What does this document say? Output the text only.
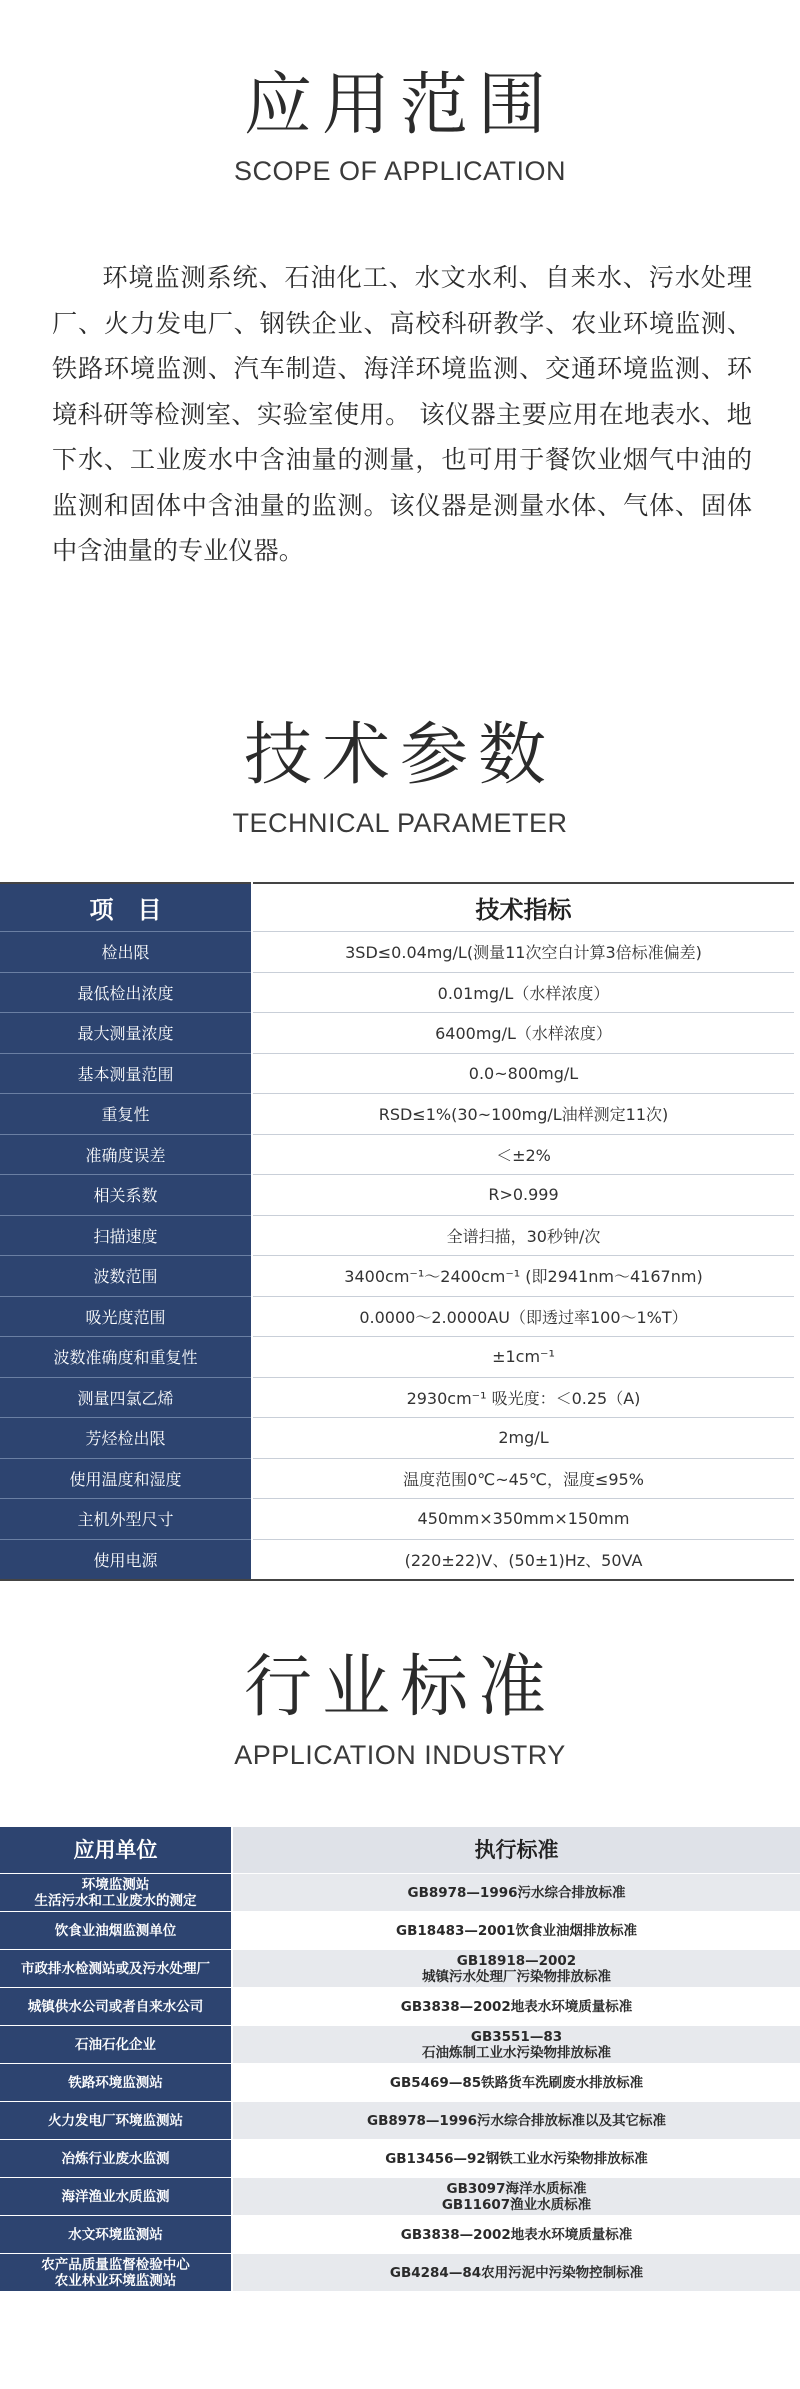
应用范围
SCOPE OF APPLICATION

环境监测系统、石油化工、水文水利、自来水、污水处理厂、火力发电厂、钢铁企业、高校科研教学、农业环境监测、铁路环境监测、汽车制造、海洋环境监测、交通环境监测、环境科研等检测室、实验室使用。 该仪器主要应用在地表水、地下水、工业废水中含油量的测量，也可用于餐饮业烟气中油的监测和固体中含油量的监测。该仪器是测量水体、气体、固体中含油量的专业仪器。

技术参数
TECHNICAL PARAMETER
项　目	技术指标
检出限	3SD≤0.04mg/L(测量11次空白计算3倍标准偏差)
最低检出浓度	0.01mg/L（水样浓度）
最大测量浓度	6400mg/L（水样浓度）
基本测量范围	0.0~800mg/L
重复性	RSD≤1%(30~100mg/L油样测定11次)
准确度误差	＜±2%
相关系数	R>0.999
扫描速度	全谱扫描，30秒钟/次
波数范围	3400cm⁻¹～2400cm⁻¹ (即2941nm～4167nm)
吸光度范围	0.0000～2.0000AU（即透过率100～1%T）
波数准确度和重复性	±1cm⁻¹
测量四氯乙烯	2930cm⁻¹ 吸光度：＜0.25（A)
芳烃检出限	2mg/L
使用温度和湿度	温度范围0℃~45℃，湿度≤95%
主机外型尺寸	450mm×350mm×150mm
使用电源	(220±22)V、(50±1)Hz、50VA
行业标准
APPLICATION INDUSTRY
应用单位	执行标准

环境监测站
生活污水和工业废水的测定	GB8978—1996污水综合排放标准

饮食业油烟监测单位	GB18483—2001饮食业油烟排放标准

市政排水检测站或及污水处理厂	GB18918—2002
城镇污水处理厂污染物排放标准

城镇供水公司或者自来水公司	GB3838—2002地表水环境质量标准

石油石化企业	GB3551—83
石油炼制工业水污染物排放标准

铁路环境监测站	GB5469—85铁路货车洗刷废水排放标准

火力发电厂环境监测站	GB8978—1996污水综合排放标准以及其它标准

冶炼行业废水监测	GB13456—92钢铁工业水污染物排放标准

海洋渔业水质监测	GB3097海洋水质标准
GB11607渔业水质标准

水文环境监测站	GB3838—2002地表水环境质量标准

农产品质量监督检验中心
农业林业环境监测站	GB4284—84农用污泥中污染物控制标准
